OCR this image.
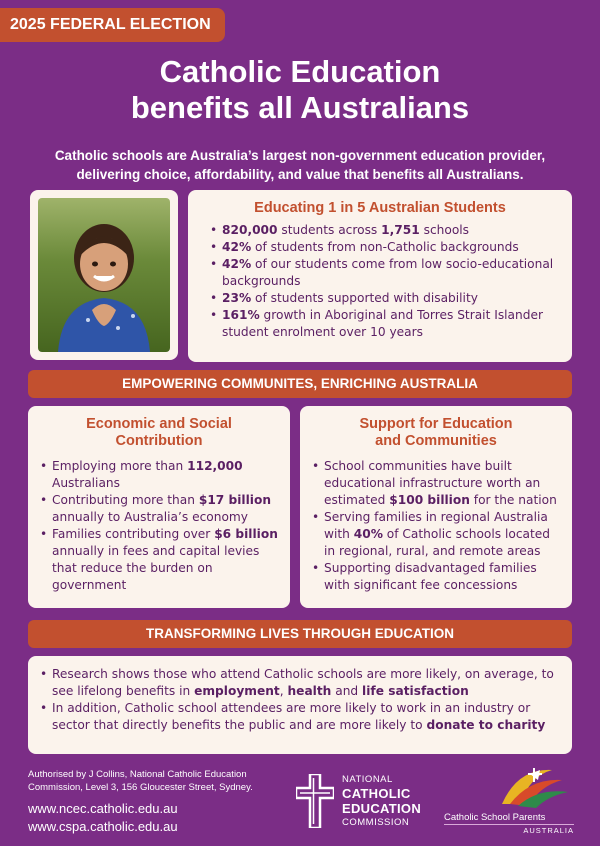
2025 FEDERAL ELECTION
Catholic Education
benefits all Australians
Catholic schools are Australia’s largest non-government education provider,
delivering choice, affordability, and value that benefits all Australians.
Educating 1 in 5 Australian Students
• 820,000 students across 1,751 schools
• 42% of students from non-Catholic backgrounds
• 42% of our students come from low socio-educational backgrounds
• 23% of students supported with disability
• 161% growth in Aboriginal and Torres Strait Islander student enrolment over 10 years
EMPOWERING COMMUNITES, ENRICHING AUSTRALIA
Economic and Social
Contribution
• Employing more than 112,000 Australians
• Contributing more than $17 billion annually to Australia’s economy
• Families contributing over $6 billion annually in fees and capital levies that reduce the burden on government
Support for Education
and Communities
• School communities have built educational infrastructure worth an estimated $100 billion for the nation
• Serving families in regional Australia with 40% of Catholic schools located in regional, rural, and remote areas
• Supporting disadvantaged families with significant fee concessions
TRANSFORMING LIVES THROUGH EDUCATION
• Research shows those who attend Catholic schools are more likely, on average, to see lifelong benefits in employment, health and life satisfaction
• In addition, Catholic school attendees are more likely to work in an industry or sector that directly benefits the public and are more likely to donate to charity
Authorised by J Collins, National Catholic Education Commission, Level 3, 156 Gloucester Street, Sydney.
www.ncec.catholic.edu.au
www.cspa.catholic.edu.au
NATIONAL
CATHOLIC
EDUCATION
COMMISSION	Catholic School Parents
AUSTRALIA
